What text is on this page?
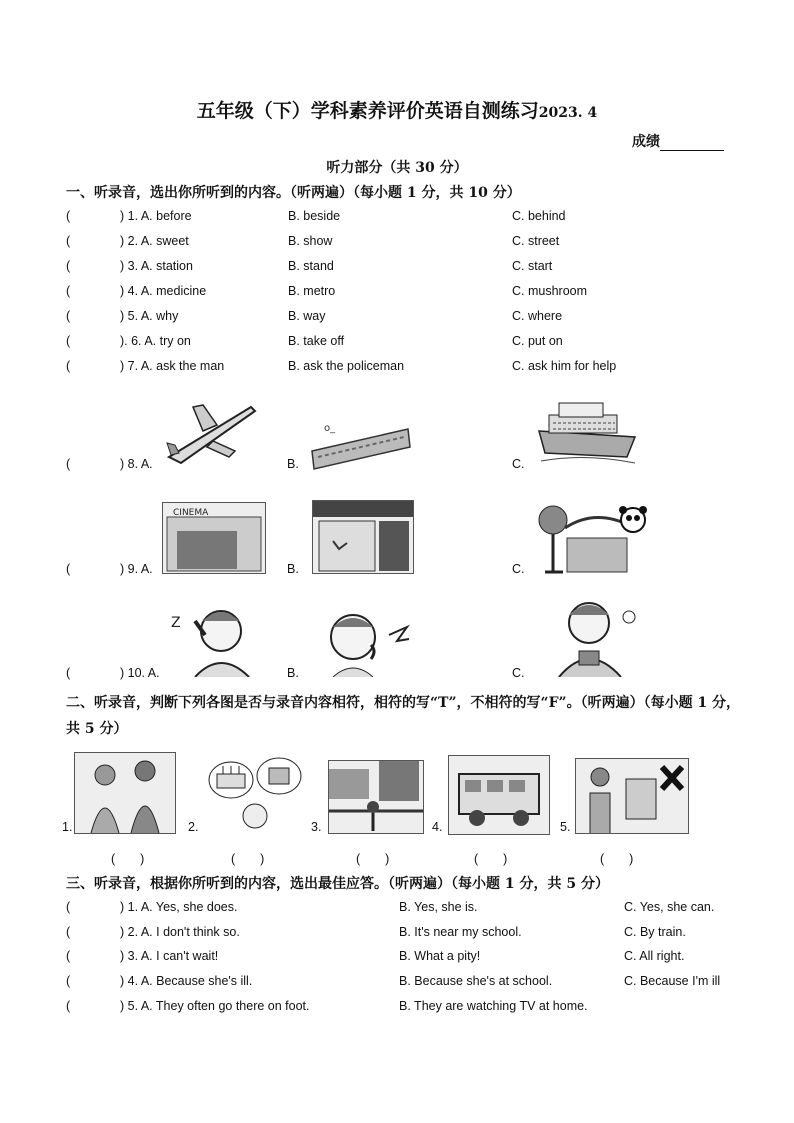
五年级（下）学科素养评价英语自测练习2023. 4
成绩
听力部分（共 30 分）
一、听录音，选出你所听到的内容。（听两遍）（每小题 1 分，共 10 分）
(	) 1. A. before	B. beside	C. behind
(	) 2. A. sweet	B. show	C. street
(	) 3. A. station	B. stand	C. start
(	) 4. A. medicine	B. metro	C. mushroom
(	) 5. A. why	B. way	C. where
(	). 6. A. try on	B. take off	C. put on
(	) 7. A. ask the man	B. ask the policeman	C. ask him for help
(	) 8. A.	B.
o_
C.
(	) 9. A.
CINEMA
B.	C.
(	) 10. A.
Z
B.	C.
二、听录音，判断下列各图是否与录音内容相符，相符的写“T”，不相符的写“F”。（听两遍）（每小题 1 分，共 5 分）
1.
(　　)
2.
(　　)
3.
(　　)
4.
(　　)
5.
(　　)
三、听录音，根据你所听到的内容，选出最佳应答。（听两遍）（每小题 1 分，共 5 分）
(	) 1. A. Yes, she does.	B. Yes, she is.	C. Yes, she can.
(	) 2. A. I don't think so.	B. It's near my school.	C. By train.
(	) 3. A. I can't wait!	B. What a pity!	C. All right.
(	) 4. A. Because she's ill.	B. Because she's at school.	C. Because I'm ill
(	) 5. A. They often go there on foot.	B. They are watching TV at home.
